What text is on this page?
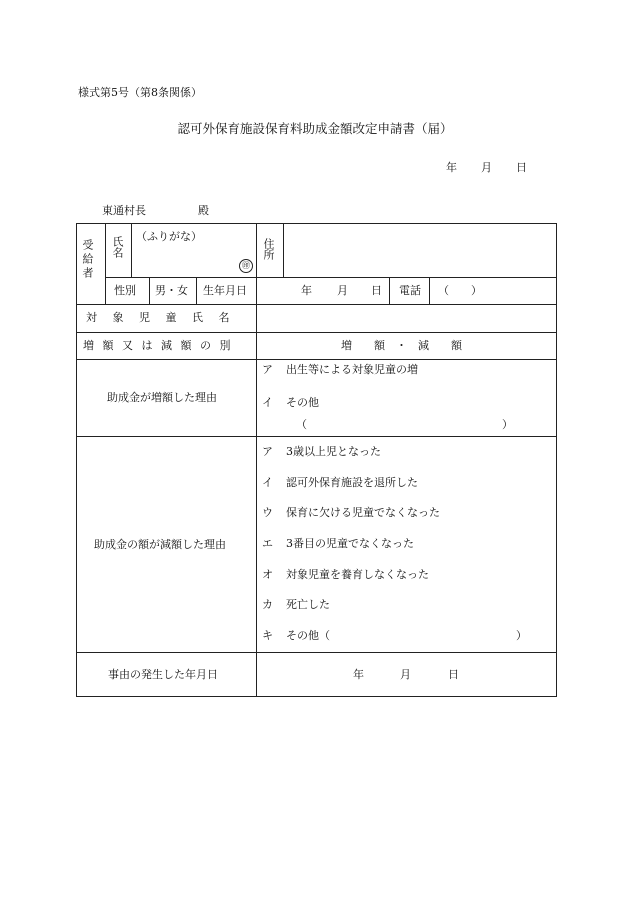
様式第5号（第8条関係）
認可外保育施設保育料助成金額改定申請書（届）
年 月 日
東通村長	殿
受給者 氏名 （ふりがな）
㊞
住所
性別 男・女 生年月日	年 月 日 電話 （　　）
対 象 児 童 氏 名
増 額 又 は 減 額 の 別	増　　額　・　減　　額
助成金が増額した理由
ア 出生等による対象児童の増
イ その他
（	）
助成金の額が減額した理由
ア 3歳以上児となった
イ 認可外保育施設を退所した
ウ 保育に欠ける児童でなくなった
エ 3番目の児童でなくなった
オ 対象児童を養育しなくなった
カ 死亡した
キ その他（	）
事由の発生した年月日	年	月	日
